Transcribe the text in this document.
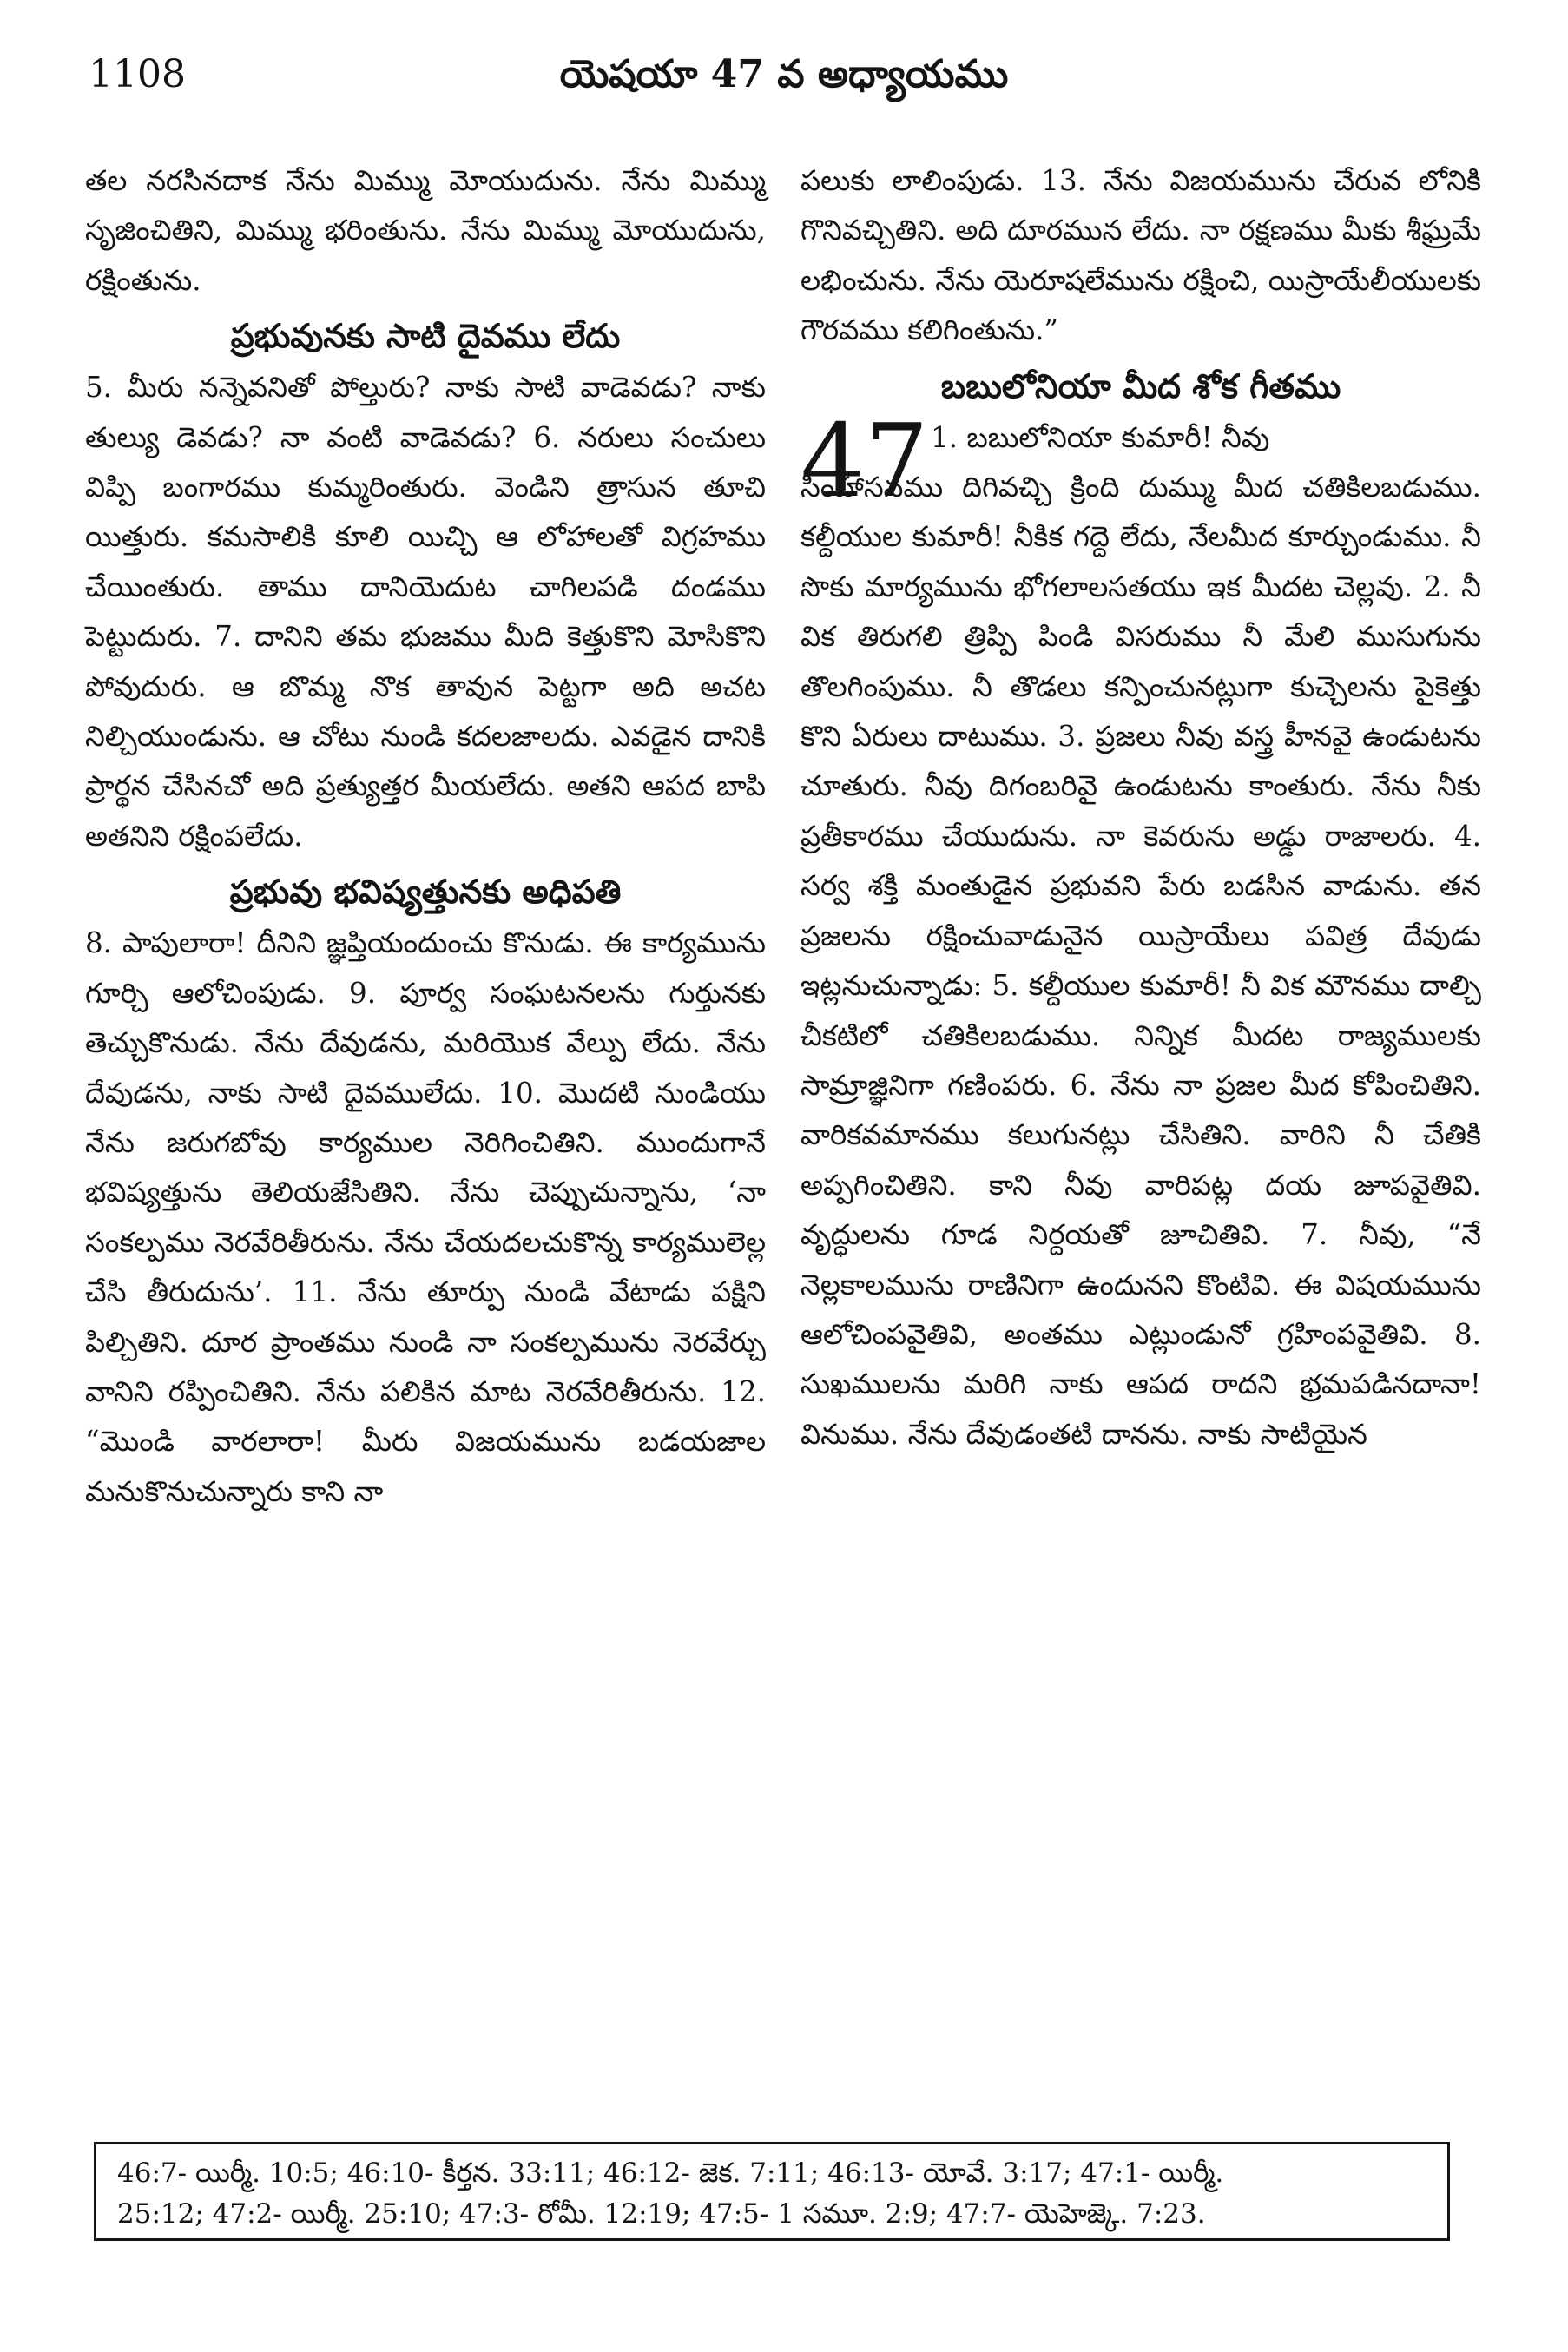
1108	యెషయా 47 వ అధ్యాయము

తల నరసినదాక నేను మిమ్ము మోయుదును. నేను మిమ్ము సృజించితిని, మిమ్ము భరింతును. నేను మిమ్ము మోయుదును, రక్షింతును.

ప్రభువునకు సాటి దైవము లేదు

5. మీరు నన్నెవనితో పోల్తురు? నాకు సాటి వాడెవడు? నాకు తుల్యు డెవడు? నా వంటి వాడెవడు? 6. నరులు సంచులు విప్పి బంగారము కుమ్మరింతురు. వెండిని త్రాసున తూచి యిత్తురు. కమసాలికి కూలి యిచ్చి ఆ లోహాలతో విగ్రహము చేయింతురు. తాము దానియెదుట చాగిలపడి దండము పెట్టుదురు. 7. దానిని తమ భుజము మీది కెత్తుకొని మోసికొని పోవుదురు. ఆ బొమ్మ నొక తావున పెట్టగా అది అచట నిల్చియుండును. ఆ చోటు నుండి కదలజాలదు. ఎవడైన దానికి ప్రార్థన చేసినచో అది ప్రత్యుత్తర మీయలేదు. అతని ఆపద బాపి అతనిని రక్షింపలేదు.

ప్రభువు భవిష్యత్తునకు అధిపతి

8. పాపులారా! దీనిని జ్ఞప్తియందుంచు కొనుడు. ఈ కార్యమును గూర్చి ఆలోచింపుడు. 9. పూర్వ సంఘటనలను గుర్తునకు తెచ్చుకొనుడు. నేను దేవుడను, మరియొక వేల్పు లేదు. నేను దేవుడను, నాకు సాటి దైవములేదు. 10. మొదటి నుండియు నేను జరుగబోవు కార్యముల నెరిగించితిని. ముందుగానే భవిష్యత్తును తెలియజేసితిని. నేను చెప్పుచున్నాను, ‘నా సంకల్పము నెరవేరితీరును. నేను చేయదలచుకొన్న కార్యములెల్ల చేసి తీరుదును’. 11. నేను తూర్పు నుండి వేటాడు పక్షిని పిల్చితిని. దూర ప్రాంతము నుండి నా సంకల్పమును నెరవేర్చు వానిని రప్పించితిని. నేను పలికిన మాట నెరవేరితీరును. 12. “మొండి వారలారా! మీరు విజయమును బడయజాల మనుకొనుచున్నారు కాని నా

పలుకు లాలింపుడు. 13. నేను విజయమును చేరువ లోనికి గొనివచ్చితిని. అది దూరమున లేదు. నా రక్షణము మీకు శీఘ్రమే లభించును. నేను యెరూషలేమును రక్షించి, యిస్రాయేలీయులకు గౌరవము కలిగింతును.”

బబులోనియా మీద శోక గీతము
47 1. బబులోనియా కుమారీ! నీవు

సింహాసనము దిగివచ్చి క్రింది దుమ్ము మీద చతికిలబడుము. కల్దీయుల కుమారీ! నీకిక గద్దె లేదు, నేలమీద కూర్చుండుము. నీ సొకు మార్యమును భోగలాలసతయు ఇక మీదట చెల్లవు. 2. నీ విక తిరుగలి త్రిప్పి పిండి విసరుము నీ మేలి ముసుగును తొలగింపుము. నీ తొడలు కన్పించునట్లుగా కుచ్చెలను పైకెత్తు కొని ఏరులు దాటుము. 3. ప్రజలు నీవు వస్త్ర హీనవై ఉండుటను చూతురు. నీవు దిగంబరివై ఉండుటను కాంతురు. నేను నీకు ప్రతీకారము చేయుదును. నా కెవరును అడ్డు రాజాలరు. 4. సర్వ శక్తి మంతుడైన ప్రభువని పేరు బడసిన వాడును. తన ప్రజలను రక్షించువాడునైన యిస్రాయేలు పవిత్ర దేవుడు ఇట్లనుచున్నాడు: 5. కల్దీయుల కుమారీ! నీ విక మౌనము దాల్చి చీకటిలో చతికిలబడుము. నిన్నిక మీదట రాజ్యములకు సామ్రాజ్ఞినిగా గణింపరు. 6. నేను నా ప్రజల మీద కోపించితిని. వారికవమానము కలుగునట్లు చేసితిని. వారిని నీ చేతికి అప్పగించితిని. కాని నీవు వారిపట్ల దయ జూపవైతివి. వృద్ధులను గూడ నిర్దయతో జూచితివి. 7. నీవు, “నే నెల్లకాలమును రాణినిగా ఉందునని కొంటివి. ఈ విషయమును ఆలోచింపవైతివి, అంతము ఎట్లుండునో గ్రహింపవైతివి. 8. సుఖములను మరిగి నాకు ఆపద రాదని భ్రమపడినదానా! వినుము. నేను దేవుడంతటి దానను. నాకు సాటియైన

46:7- యిర్మీ. 10:5; 46:10- కీర్తన. 33:11; 46:12- జెక. 7:11; 46:13- యోవే. 3:17; 47:1- యిర్మీ.

25:12; 47:2- యిర్మీ. 25:10; 47:3- రోమీ. 12:19; 47:5- 1 సమూ. 2:9; 47:7- యెహెజ్కె. 7:23.
